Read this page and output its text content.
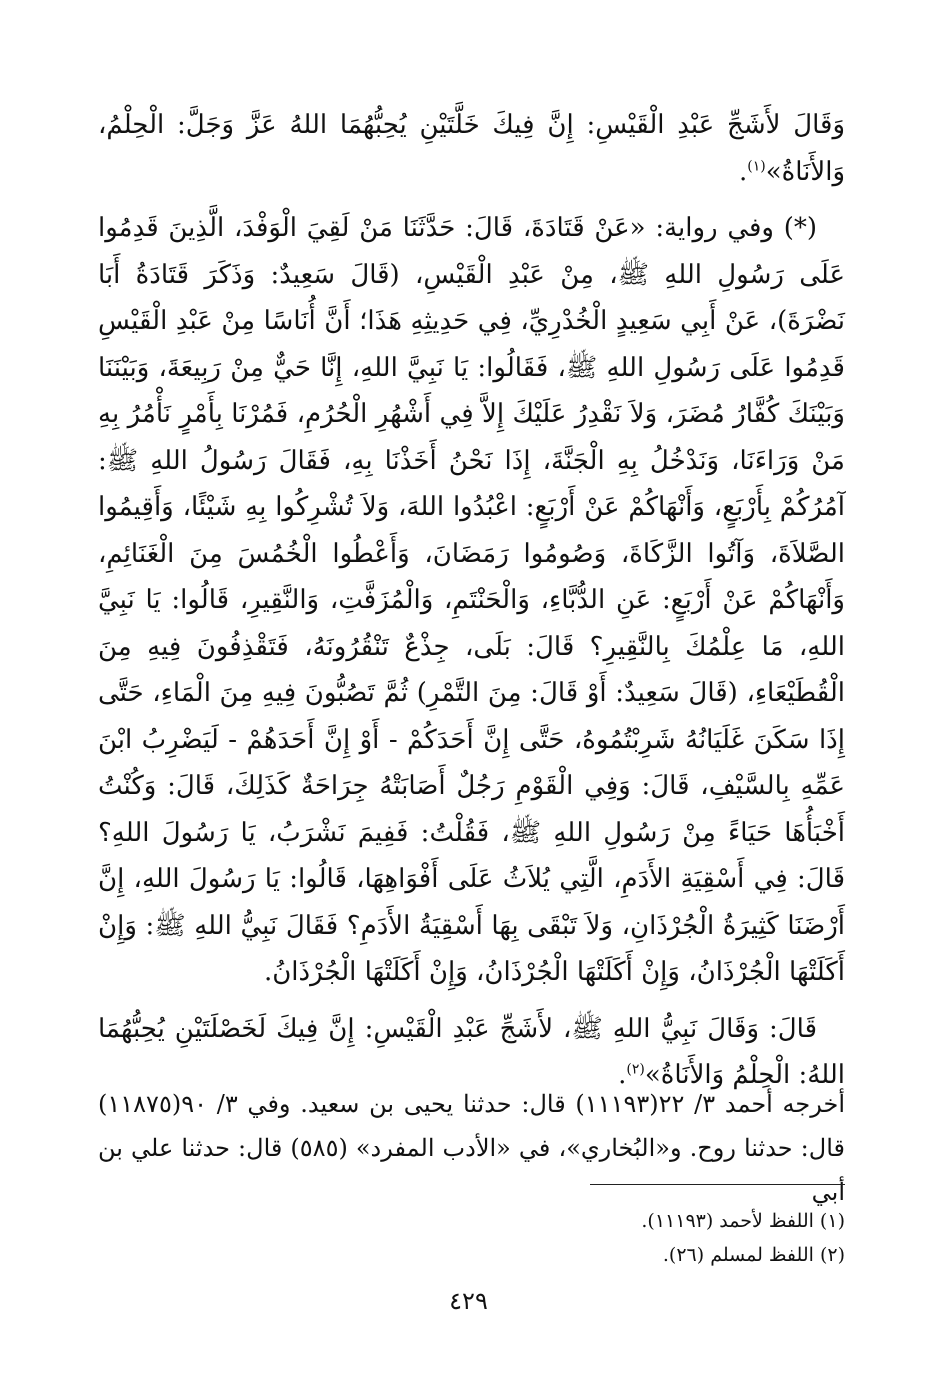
وَقَالَ لأَشَجِّ عَبْدِ الْقَيْسِ: إِنَّ فِيكَ خَلَّتَيْنِ يُحِبُّهُمَا اللهُ عَزَّ وَجَلَّ: الْحِلْمُ، وَالأَنَاةُ»$^{(١)}$.

(*) وفي رواية: «عَنْ قَتَادَةَ، قَالَ: حَدَّثَنَا مَنْ لَقِيَ الْوَفْدَ، الَّذِينَ قَدِمُوا عَلَى رَسُولِ اللهِ ﷺ، مِنْ عَبْدِ الْقَيْسِ، (قَالَ سَعِيدٌ: وَذَكَرَ قَتَادَةُ أَبَا نَضْرَةَ)، عَنْ أَبِي سَعِيدٍ الْخُدْرِيِّ، فِي حَدِيثِهِ هَذَا؛ أَنَّ أُنَاسًا مِنْ عَبْدِ الْقَيْسِ قَدِمُوا عَلَى رَسُولِ اللهِ ﷺ، فَقَالُوا: يَا نَبِيَّ اللهِ، إِنَّا حَيٌّ مِنْ رَبِيعَةَ، وَبَيْنَنَا وَبَيْنَكَ كُفَّارُ مُضَرَ، وَلاَ نَقْدِرُ عَلَيْكَ إِلاَّ فِي أَشْهُرِ الْحُرُمِ، فَمُرْنَا بِأَمْرٍ نَأْمُرُ بِهِ مَنْ وَرَاءَنَا، وَنَدْخُلُ بِهِ الْجَنَّةَ، إِذَا نَحْنُ أَخَذْنَا بِهِ، فَقَالَ رَسُولُ اللهِ ﷺ: آمُرُكُمْ بِأَرْبَعٍ، وَأَنْهَاكُمْ عَنْ أَرْبَعٍ: اعْبُدُوا اللهَ، وَلاَ تُشْرِكُوا بِهِ شَيْئًا، وَأَقِيمُوا الصَّلاَةَ، وَآتُوا الزَّكَاةَ، وَصُومُوا رَمَضَانَ، وَأَعْطُوا الْخُمُسَ مِنَ الْغَنَائِمِ، وَأَنْهَاكُمْ عَنْ أَرْبَعٍ: عَنِ الدُّبَّاءِ، وَالْحَنْتَمِ، وَالْمُزَفَّتِ، وَالنَّقِيرِ، قَالُوا: يَا نَبِيَّ اللهِ، مَا عِلْمُكَ بِالنَّقِيرِ؟ قَالَ: بَلَى، جِذْعٌ تَنْقُرُونَهُ، فَتَقْذِفُونَ فِيهِ مِنَ الْقُطَيْعَاءِ، (قَالَ سَعِيدٌ: أَوْ قَالَ: مِنَ التَّمْرِ) ثُمَّ تَصُبُّونَ فِيهِ مِنَ الْمَاءِ، حَتَّى إِذَا سَكَنَ غَلَيَانُهُ شَرِبْتُمُوهُ، حَتَّى إِنَّ أَحَدَكُمْ - أَوْ إِنَّ أَحَدَهُمْ - لَيَضْرِبُ ابْنَ عَمِّهِ بِالسَّيْفِ، قَالَ: وَفِي الْقَوْمِ رَجُلٌ أَصَابَتْهُ جِرَاحَةٌ كَذَلِكَ، قَالَ: وَكُنْتُ أَخْبَأُهَا حَيَاءً مِنْ رَسُولِ اللهِ ﷺ، فَقُلْتُ: فَفِيمَ نَشْرَبُ، يَا رَسُولَ اللهِ؟ قَالَ: فِي أَسْقِيَةِ الأَدَمِ، الَّتِي يُلاَثُ عَلَى أَفْوَاهِهَا، قَالُوا: يَا رَسُولَ اللهِ، إِنَّ أَرْضَنَا كَثِيرَةُ الْجُرْذَانِ، وَلاَ تَبْقَى بِهَا أَسْقِيَةُ الأَدَمِ؟ فَقَالَ نَبِيُّ اللهِ ﷺ: وَإِنْ أَكَلَتْهَا الْجُرْذَانُ، وَإِنْ أَكَلَتْهَا الْجُرْذَانُ، وَإِنْ أَكَلَتْهَا الْجُرْذَانُ.

قَالَ: وَقَالَ نَبِيُّ اللهِ ﷺ، لأَشَجِّ عَبْدِ الْقَيْسِ: إِنَّ فِيكَ لَخَصْلَتَيْنِ يُحِبُّهُمَا اللهُ: الْحِلْمُ وَالأَنَاةُ»$^{(٢)}$.

أخرجه أحمد ٣/ ٢٢(١١١٩٣) قال: حدثنا يحيى بن سعيد. وفي ٣/ ٩٠(١١٨٧٥) قال: حدثنا روح. و«البُخاري»، في «الأدب المفرد» (٥٨٥) قال: حدثنا علي بن أبي

(١) اللفظ لأحمد (١١١٩٣).
(٢) اللفظ لمسلم (٢٦).
٤٢٩
